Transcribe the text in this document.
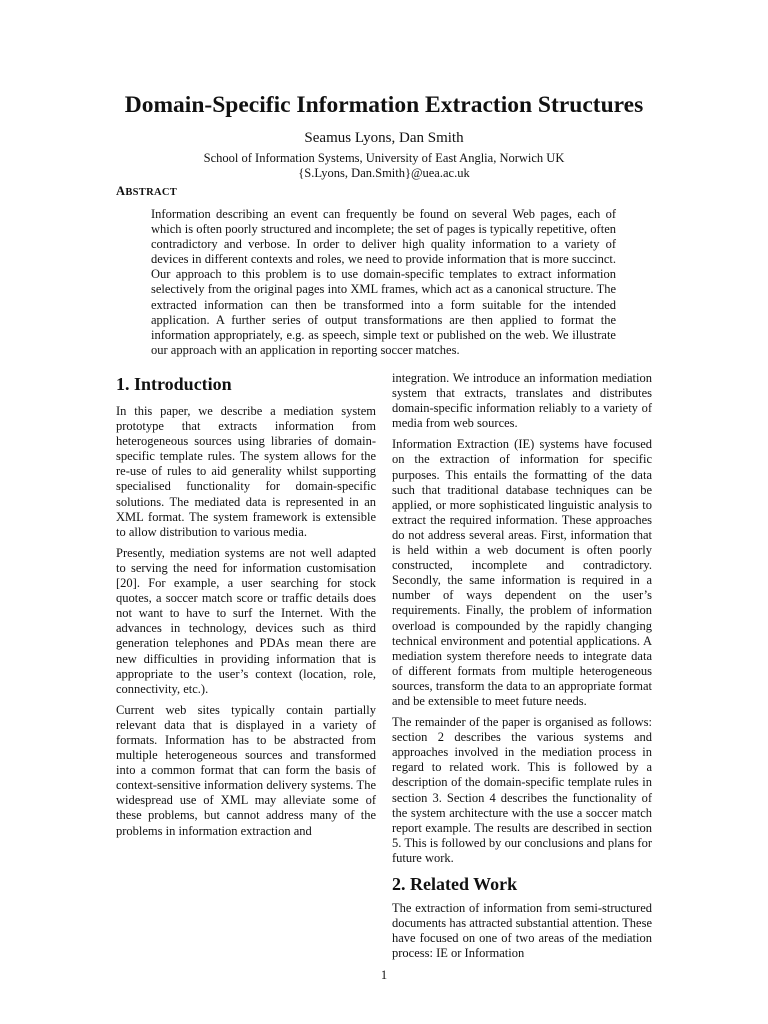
Domain-Specific Information Extraction Structures
Seamus Lyons, Dan Smith
School of Information Systems, University of East Anglia, Norwich UK
{S.Lyons, Dan.Smith}@uea.ac.uk
ABSTRACT

Information describing an event can frequently be found on several Web pages, each of which is often poorly structured and incomplete; the set of pages is typically repetitive, often contradictory and verbose. In order to deliver high quality information to a variety of devices in different contexts and roles, we need to provide information that is more succinct. Our approach to this problem is to use domain-specific templates to extract information selectively from the original pages into XML frames, which act as a canonical structure. The extracted information can then be transformed into a form suitable for the intended application. A further series of output transformations are then applied to format the information appropriately, e.g. as speech, simple text or published on the web. We illustrate our approach with an application in reporting soccer matches.

1. Introduction

In this paper, we describe a mediation system prototype that extracts information from heterogeneous sources using libraries of domain-specific template rules. The system allows for the re-use of rules to aid generality whilst supporting specialised functionality for domain-specific solutions. The mediated data is represented in an XML format. The system framework is extensible to allow distribution to various media.

Presently, mediation systems are not well adapted to serving the need for information customisation [20]. For example, a user searching for stock quotes, a soccer match score or traffic details does not want to have to surf the Internet. With the advances in technology, devices such as third generation telephones and PDAs mean there are new difficulties in providing information that is appropriate to the user’s context (location, role, connectivity, etc.).

Current web sites typically contain partially relevant data that is displayed in a variety of formats. Information has to be abstracted from multiple heterogeneous sources and transformed into a common format that can form the basis of context-sensitive information delivery systems. The widespread use of XML may alleviate some of these problems, but cannot address many of the problems in information extraction and

integration. We introduce an information mediation system that extracts, translates and distributes domain-specific information reliably to a variety of media from web sources.

Information Extraction (IE) systems have focused on the extraction of information for specific purposes. This entails the formatting of the data such that traditional database techniques can be applied, or more sophisticated linguistic analysis to extract the required information. These approaches do not address several areas. First, information that is held within a web document is often poorly constructed, incomplete and contradictory. Secondly, the same information is required in a number of ways dependent on the user’s requirements. Finally, the problem of information overload is compounded by the rapidly changing technical environment and potential applications. A mediation system therefore needs to integrate data of different formats from multiple heterogeneous sources, transform the data to an appropriate format and be extensible to meet future needs.

The remainder of the paper is organised as follows: section 2 describes the various systems and approaches involved in the mediation process in regard to related work. This is followed by a description of the domain-specific template rules in section 3. Section 4 describes the functionality of the system architecture with the use a soccer match report example. The results are described in section 5. This is followed by our conclusions and plans for future work.

2. Related Work

The extraction of information from semi-structured documents has attracted substantial attention. These have focused on one of two areas of the mediation process: IE or Information

1
